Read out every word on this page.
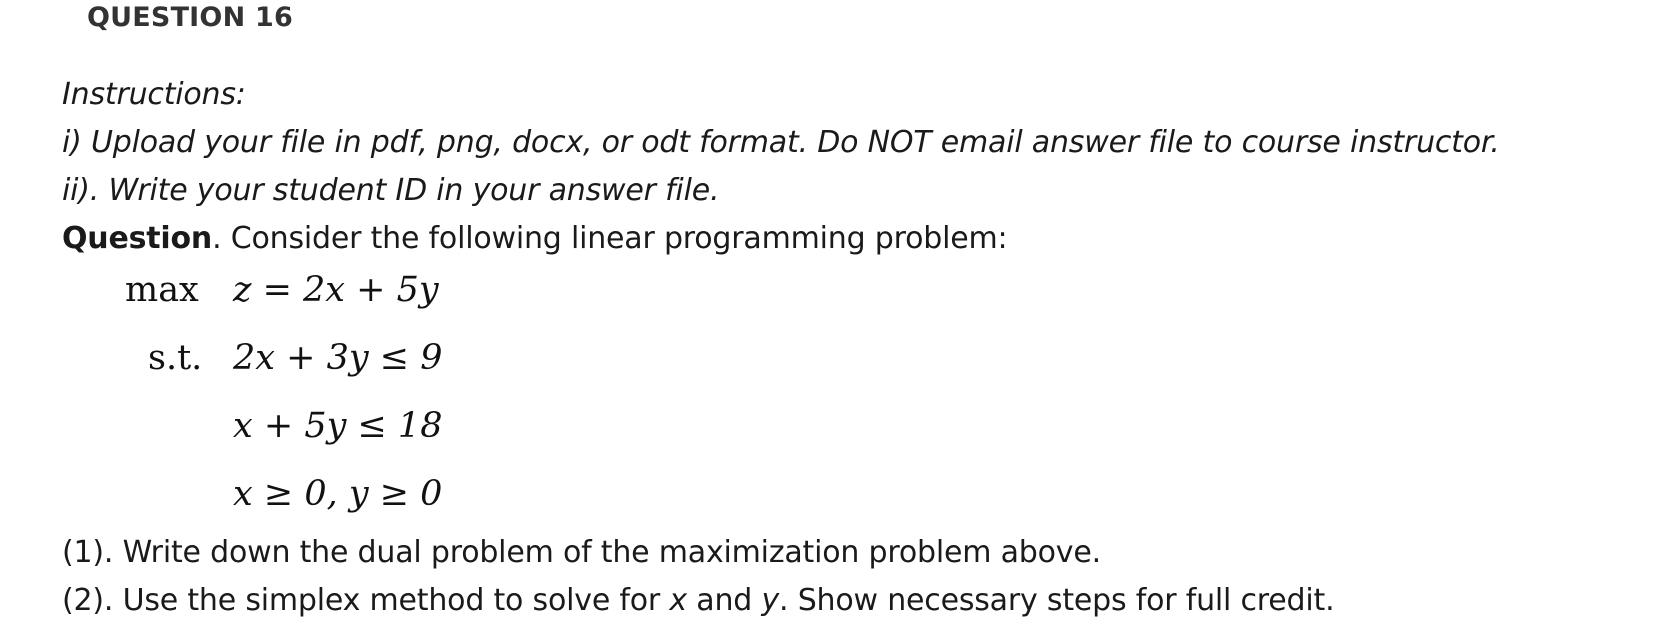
QUESTION 16
Instructions:
i) Upload your file in pdf, png, docx, or odt format. Do NOT email answer file to course instructor.
ii). Write your student ID in your answer file.
Question. Consider the following linear programming problem:
max z = 2x + 5y
s.t. 2x + 3y ≤ 9
x + 5y ≤ 18
x ≥ 0, y ≥ 0
(1). Write down the dual problem of the maximization problem above.
(2). Use the simplex method to solve for x and y. Show necessary steps for full credit.
